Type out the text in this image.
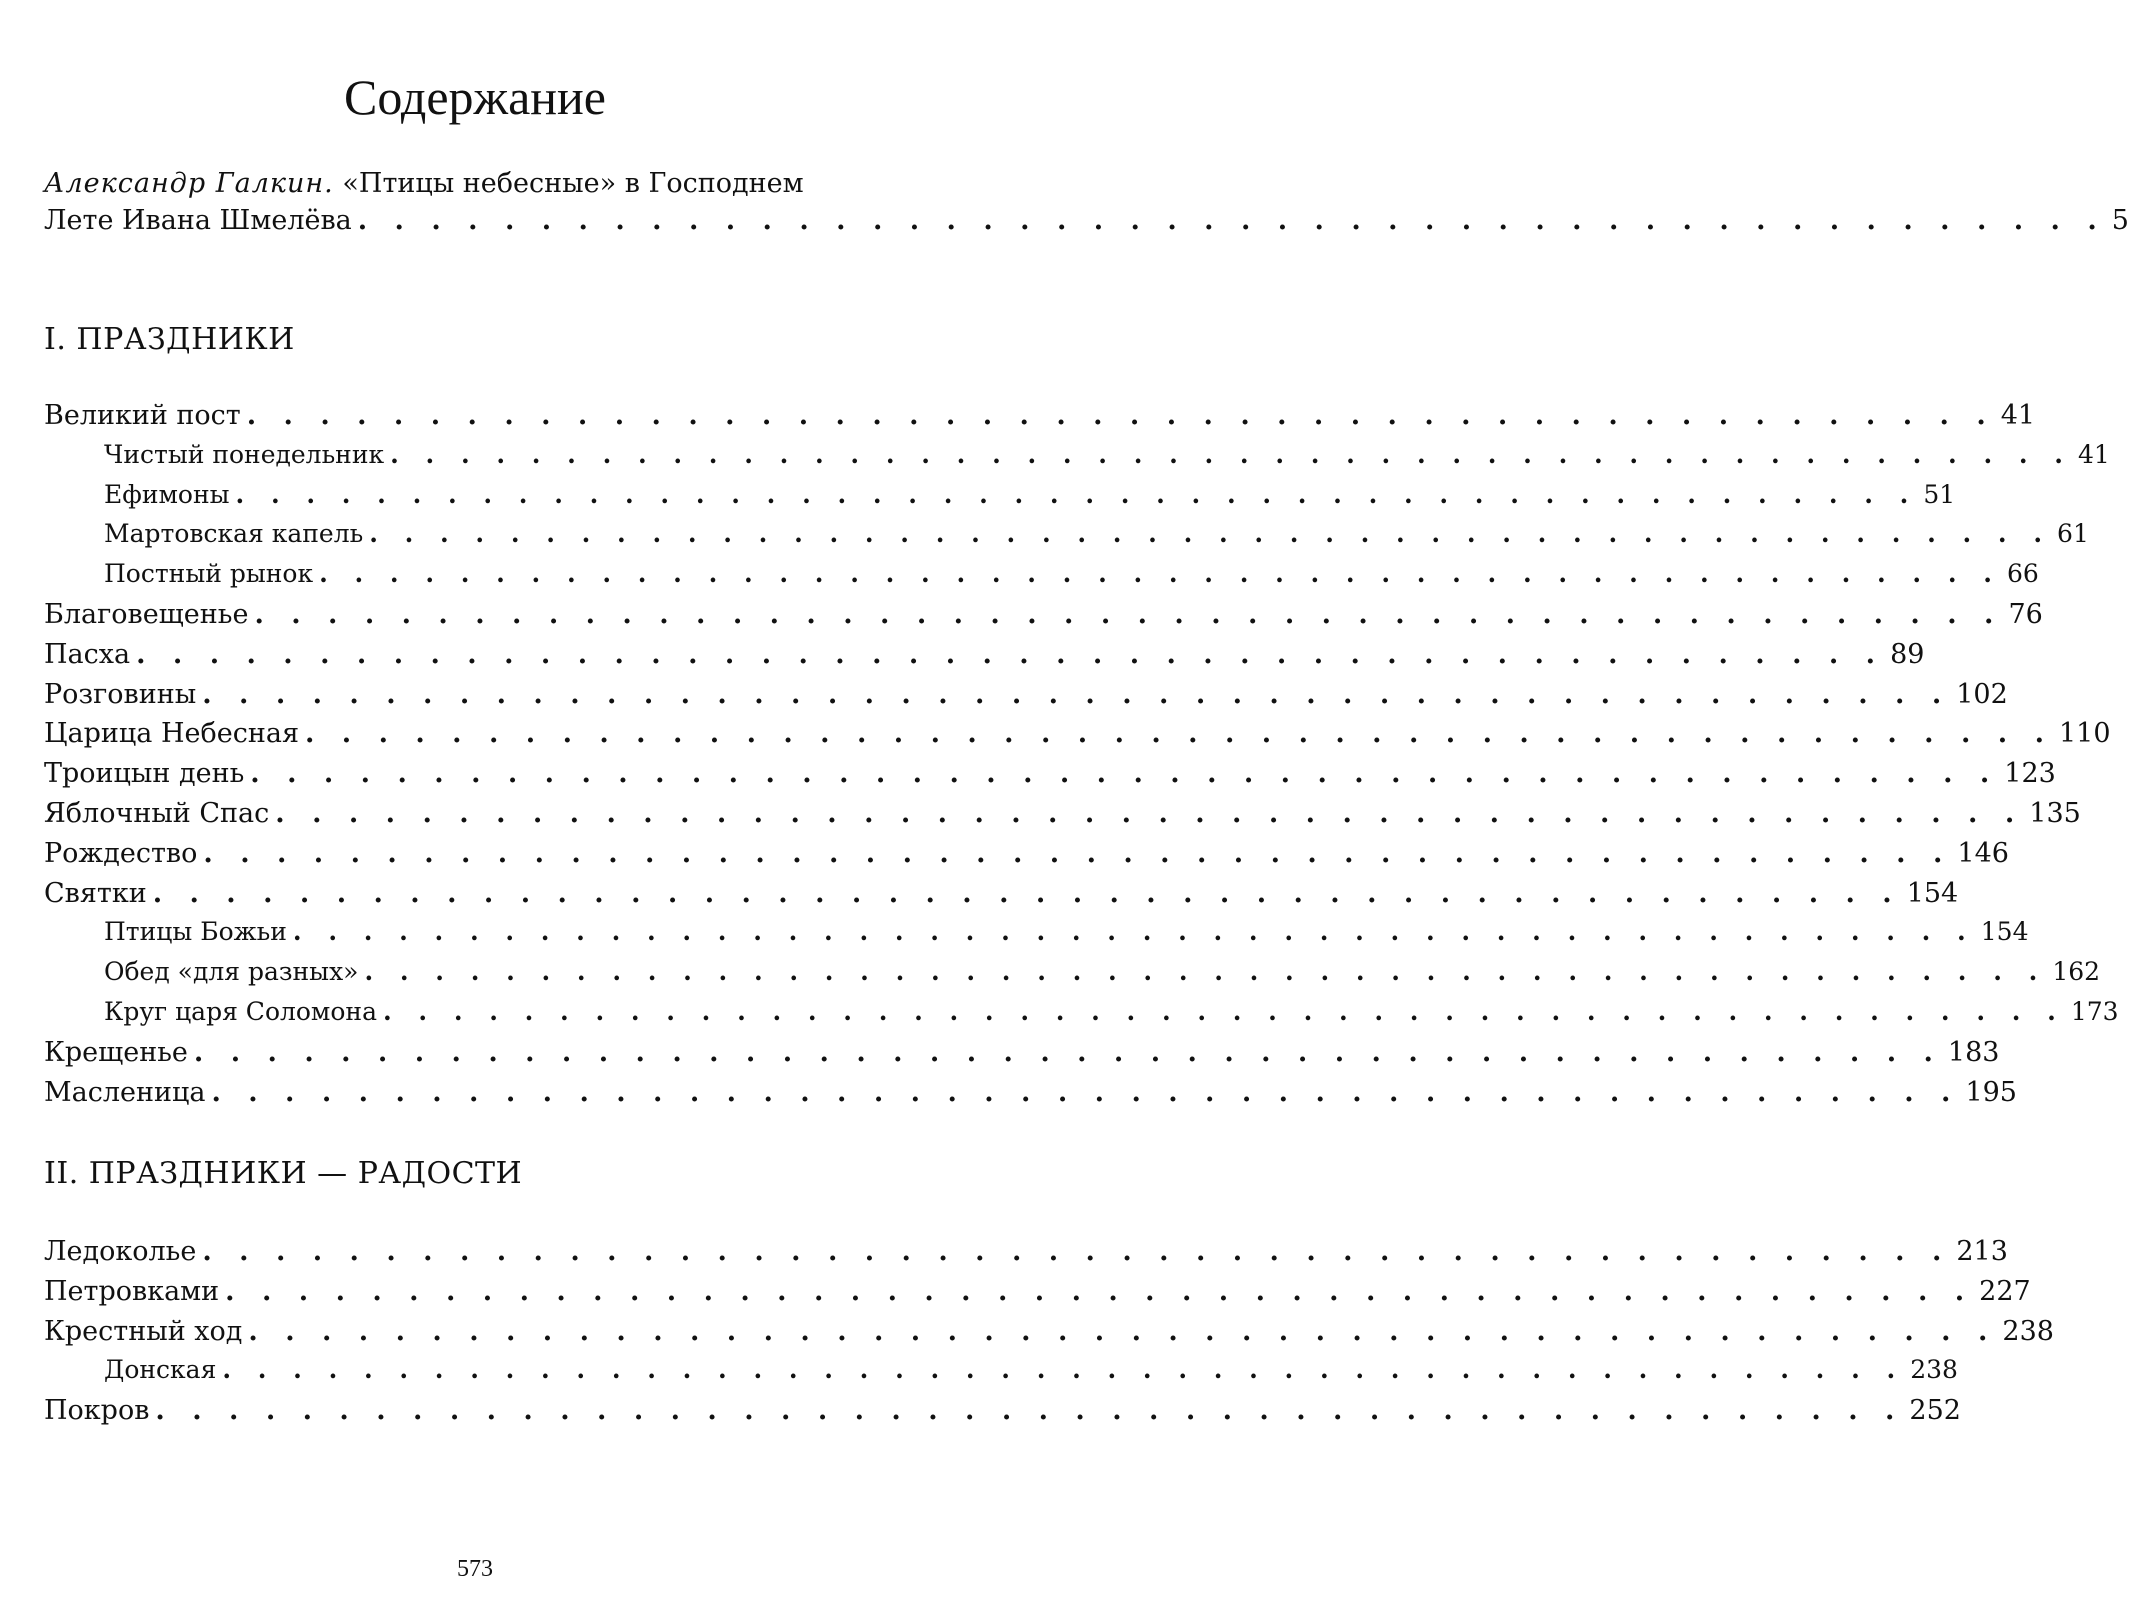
Содержание
Александр Галкин. «Птицы небесные» в Господнем
Лете Ивана Шмелёва . . . . . . . . . . . . . . . . . . . . . . . . . . . . . . . . . . . . . . . . . . . . . . . . 5
I. ПРАЗДНИКИ
Великий пост . . . . . . . . . . . . . . . . . . . . . . . . . . . . . . . . . . . . . . . . . . . . . . . . 41
Чистый понедельник . . . . . . . . . . . . . . . . . . . . . . . . . . . . . . . . . . . . . . . . . . . . . . . . 41
Ефимоны . . . . . . . . . . . . . . . . . . . . . . . . . . . . . . . . . . . . . . . . . . . . . . . . 51
Мартовская капель . . . . . . . . . . . . . . . . . . . . . . . . . . . . . . . . . . . . . . . . . . . . . . . . 61
Постный рынок . . . . . . . . . . . . . . . . . . . . . . . . . . . . . . . . . . . . . . . . . . . . . . . . 66
Благовещенье . . . . . . . . . . . . . . . . . . . . . . . . . . . . . . . . . . . . . . . . . . . . . . . . 76
Пасха . . . . . . . . . . . . . . . . . . . . . . . . . . . . . . . . . . . . . . . . . . . . . . . . 89
Розговины . . . . . . . . . . . . . . . . . . . . . . . . . . . . . . . . . . . . . . . . . . . . . . . . 102
Царица Небесная . . . . . . . . . . . . . . . . . . . . . . . . . . . . . . . . . . . . . . . . . . . . . . . . 110
Троицын день . . . . . . . . . . . . . . . . . . . . . . . . . . . . . . . . . . . . . . . . . . . . . . . . 123
Яблочный Спас . . . . . . . . . . . . . . . . . . . . . . . . . . . . . . . . . . . . . . . . . . . . . . . . 135
Рождество . . . . . . . . . . . . . . . . . . . . . . . . . . . . . . . . . . . . . . . . . . . . . . . . 146
Святки . . . . . . . . . . . . . . . . . . . . . . . . . . . . . . . . . . . . . . . . . . . . . . . . 154
Птицы Божьи . . . . . . . . . . . . . . . . . . . . . . . . . . . . . . . . . . . . . . . . . . . . . . . . 154
Обед «для разных» . . . . . . . . . . . . . . . . . . . . . . . . . . . . . . . . . . . . . . . . . . . . . . . . 162
Круг царя Соломона . . . . . . . . . . . . . . . . . . . . . . . . . . . . . . . . . . . . . . . . . . . . . . . . 173
Крещенье . . . . . . . . . . . . . . . . . . . . . . . . . . . . . . . . . . . . . . . . . . . . . . . . 183
Масленица . . . . . . . . . . . . . . . . . . . . . . . . . . . . . . . . . . . . . . . . . . . . . . . . 195
II. ПРАЗДНИКИ — РАДОСТИ
Ледоколье . . . . . . . . . . . . . . . . . . . . . . . . . . . . . . . . . . . . . . . . . . . . . . . . 213
Петровками . . . . . . . . . . . . . . . . . . . . . . . . . . . . . . . . . . . . . . . . . . . . . . . . 227
Крестный ход . . . . . . . . . . . . . . . . . . . . . . . . . . . . . . . . . . . . . . . . . . . . . . . . 238
Донская . . . . . . . . . . . . . . . . . . . . . . . . . . . . . . . . . . . . . . . . . . . . . . . . 238
Покров . . . . . . . . . . . . . . . . . . . . . . . . . . . . . . . . . . . . . . . . . . . . . . . . 252
573
